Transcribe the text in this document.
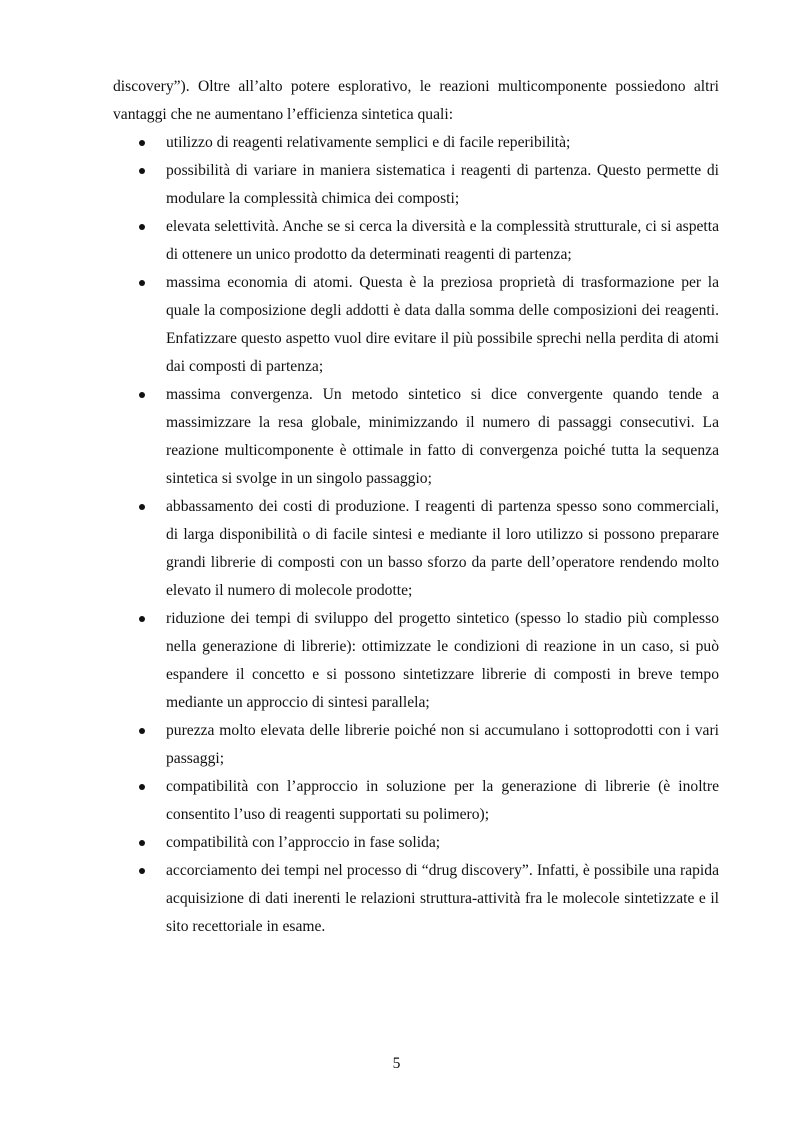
discovery”). Oltre all’alto potere esplorativo, le reazioni multicomponente possiedono altri vantaggi che ne aumentano l’efficienza sintetica quali:

utilizzo di reagenti relativamente semplici e di facile reperibilità;
possibilità di variare in maniera sistematica i reagenti di partenza. Questo permette di modulare la complessità chimica dei composti;
elevata selettività. Anche se si cerca la diversità e la complessità strutturale, ci si aspetta di ottenere un unico prodotto da determinati reagenti di partenza;
massima economia di atomi. Questa è la preziosa proprietà di trasformazione per la quale la composizione degli addotti è data dalla somma delle composizioni dei reagenti. Enfatizzare questo aspetto vuol dire evitare il più possibile sprechi nella perdita di atomi dai composti di partenza;
massima convergenza. Un metodo sintetico si dice convergente quando tende a massimizzare la resa globale, minimizzando il numero di passaggi consecutivi. La reazione multicomponente è ottimale in fatto di convergenza poiché tutta la sequenza sintetica si svolge in un singolo passaggio;
abbassamento dei costi di produzione. I reagenti di partenza spesso sono commerciali, di larga disponibilità o di facile sintesi e mediante il loro utilizzo si possono preparare grandi librerie di composti con un basso sforzo da parte dell’operatore rendendo molto elevato il numero di molecole prodotte;
riduzione dei tempi di sviluppo del progetto sintetico (spesso lo stadio più complesso nella generazione di librerie): ottimizzate le condizioni di reazione in un caso, si può espandere il concetto e si possono sintetizzare librerie di composti in breve tempo mediante un approccio di sintesi parallela;
purezza molto elevata delle librerie poiché non si accumulano i sottoprodotti con i vari passaggi;
compatibilità con l’approccio in soluzione per la generazione di librerie (è inoltre consentito l’uso di reagenti supportati su polimero);
compatibilità con l’approccio in fase solida;
accorciamento dei tempi nel processo di “drug discovery”. Infatti, è possibile una rapida acquisizione di dati inerenti le relazioni struttura-attività fra le molecole sintetizzate e il sito recettoriale in esame.
5
